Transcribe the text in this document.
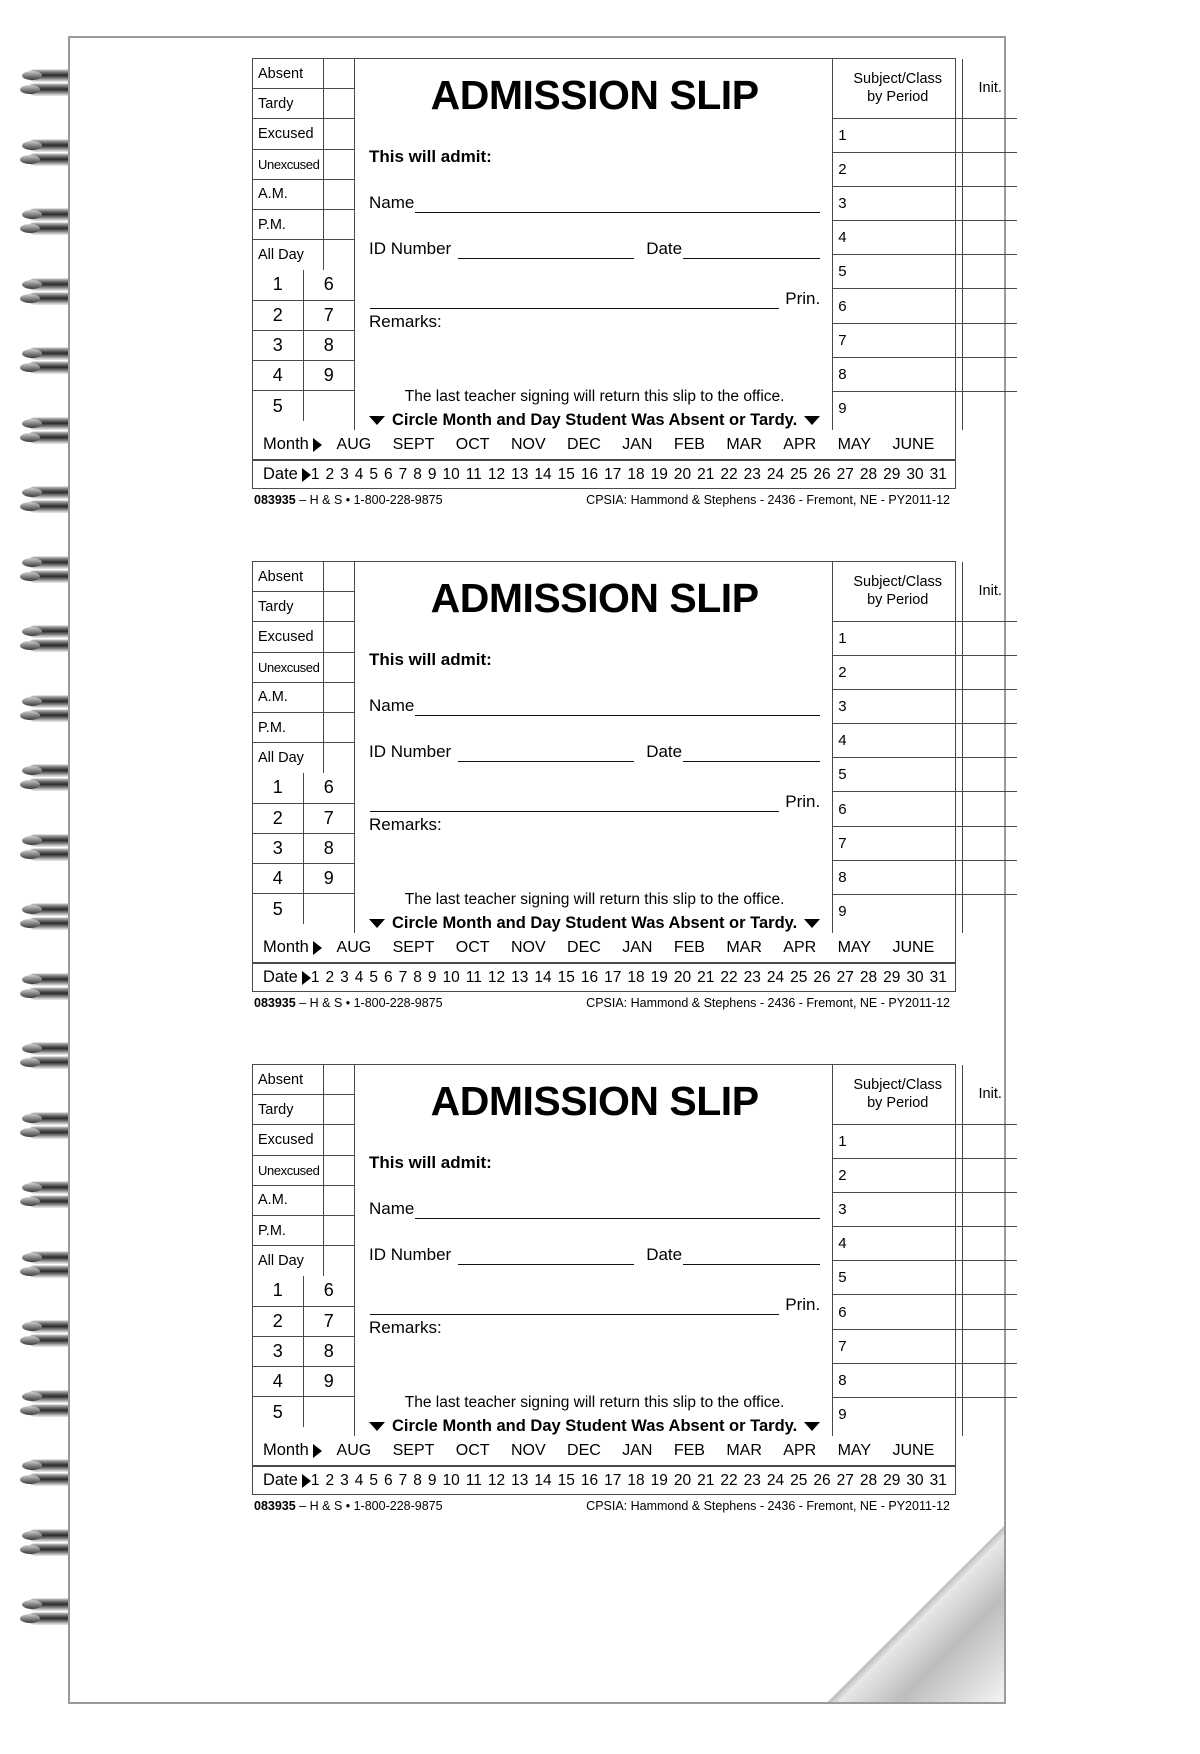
Absent
Tardy
Excused
Unexcused
A.M.
P.M.
All Day
1	6
2	7
3	8
4	9
5
ADMISSION SLIP
This will admit:
Name
ID Number	Date
Prin.
Remarks:
The last teacher signing will return this slip to the office.
Circle Month and Day Student Was Absent or Tardy.
Subject/Class
by Period
1
2
3
4
5
6
7
8
9
Init.
Month AUG SEPT OCT NOV DEC JAN FEB MAR APR MAY JUNE
Date 1 2 3 4 5 6 7 8 9 10 11 12 13 14 15 16 17 18 19 20 21 22 23 24 25 26 27 28 29 30 31
083935 – H & S • 1-800-228-9875	CPSIA: Hammond & Stephens - 2436 - Fremont, NE - PY2011-12
Absent
Tardy
Excused
Unexcused
A.M.
P.M.
All Day
1	6
2	7
3	8
4	9
5
ADMISSION SLIP
This will admit:
Name
ID Number	Date
Prin.
Remarks:
The last teacher signing will return this slip to the office.
Circle Month and Day Student Was Absent or Tardy.
Subject/Class
by Period
1
2
3
4
5
6
7
8
9
Init.
Month AUG SEPT OCT NOV DEC JAN FEB MAR APR MAY JUNE
Date 1 2 3 4 5 6 7 8 9 10 11 12 13 14 15 16 17 18 19 20 21 22 23 24 25 26 27 28 29 30 31
083935 – H & S • 1-800-228-9875	CPSIA: Hammond & Stephens - 2436 - Fremont, NE - PY2011-12
Absent
Tardy
Excused
Unexcused
A.M.
P.M.
All Day
1	6
2	7
3	8
4	9
5
ADMISSION SLIP
This will admit:
Name
ID Number	Date
Prin.
Remarks:
The last teacher signing will return this slip to the office.
Circle Month and Day Student Was Absent or Tardy.
Subject/Class
by Period
1
2
3
4
5
6
7
8
9
Init.
Month AUG SEPT OCT NOV DEC JAN FEB MAR APR MAY JUNE
Date 1 2 3 4 5 6 7 8 9 10 11 12 13 14 15 16 17 18 19 20 21 22 23 24 25 26 27 28 29 30 31
083935 – H & S • 1-800-228-9875	CPSIA: Hammond & Stephens - 2436 - Fremont, NE - PY2011-12
